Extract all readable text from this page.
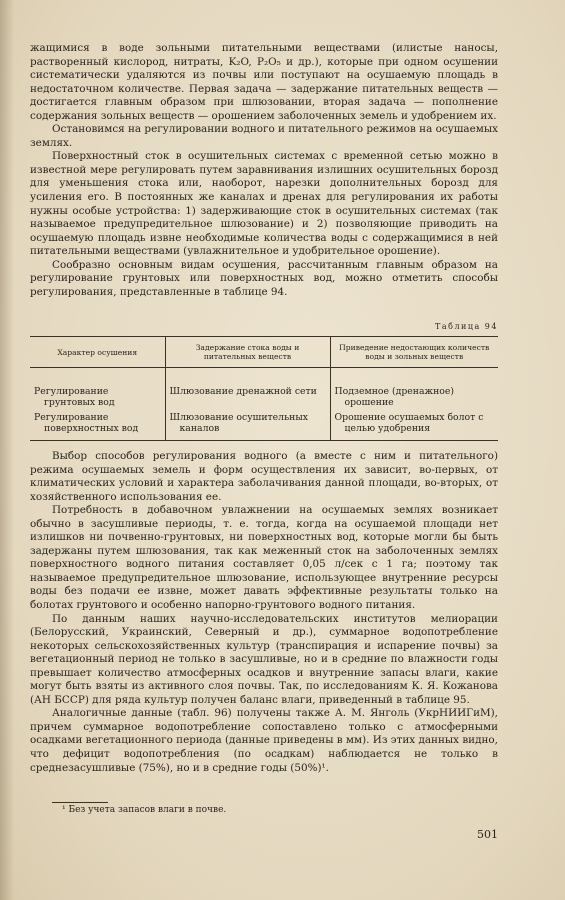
жащимися в воде зольными питательными веществами (илистые наносы, растворенный кислород, нитраты, K₂O, P₂O₅ и др.), которые при одном осушении систематически удаляются из почвы или поступают на осушаемую площадь в недостаточном количестве. Первая задача — задержание питательных веществ — достигается главным образом при шлюзовании, вторая задача — пополнение содержания зольных веществ — орошением заболоченных земель и удобрением их.

Остановимся на регулировании водного и питательного режимов на осушаемых землях.

Поверхностный сток в осушительных системах с временной сетью можно в известной мере регулировать путем заравнивания излишних осушительных борозд для уменьшения стока или, наоборот, нарезки дополнительных борозд для усиления его. В постоянных же каналах и дренах для регулирования их работы нужны особые устройства: 1) задерживающие сток в осушительных системах (так называемое предупредительное шлюзование) и 2) позволяющие приводить на осушаемую площадь извне необходимые количества воды с содержащимися в ней питательными веществами (увлажнительное и удобрительное орошение).

Сообразно основным видам осушения, рассчитанным главным образом на регулирование грунтовых или поверхностных вод, можно отметить способы регулирования, представленные в таблице 94.

Таблица 94
Характер осушения	Задержание стока воды и питательных веществ	Приведение недостающих количеств воды и зольных веществ

Регулирование грунтовых вод	Шлюзование дренажной сети	Подземное (дренажное) орошение

Регулирование поверхностных вод	Шлюзование осушительных каналов	Орошение осушаемых болот с целью удобрения

Выбор способов регулирования водного (а вместе с ним и питательного) режима осушаемых земель и форм осуществления их зависит, во-первых, от климатических условий и характера заболачивания данной площади, во-вторых, от хозяйственного использования ее.

Потребность в добавочном увлажнении на осушаемых землях возникает обычно в засушливые периоды, т. е. тогда, когда на осушаемой площади нет излишков ни почвенно-грунтовых, ни поверхностных вод, которые могли бы быть задержаны путем шлюзования, так как меженный сток на заболоченных землях поверхностного водного питания составляет 0,05 л/сек с 1 га; поэтому так называемое предупредительное шлюзование, использующее внутренние ресурсы воды без подачи ее извне, может давать эффективные результаты только на болотах грунтового и особенно напорно-грунтового водного питания.

По данным наших научно-исследовательских институтов мелиорации (Белорусский, Украинский, Северный и др.), суммарное водопотребление некоторых сельскохозяйственных культур (транспирация и испарение почвы) за вегетационный период не только в засушливые, но и в средние по влажности годы превышает количество атмосферных осадков и внутренние запасы влаги, какие могут быть взяты из активного слоя почвы. Так, по исследованиям К. Я. Кожанова (АН БССР) для ряда культур получен баланс влаги, приведенный в таблице 95.

Аналогичные данные (табл. 96) получены также А. М. Янголь (УкрНИИГиМ), причем суммарное водопотребление сопоставлено только с атмосферными осадками вегетационного периода (данные приведены в мм). Из этих данных видно, что дефицит водопотребления (по осадкам) наблюдается не только в среднезасушливые (75%), но и в средние годы (50%)¹.

¹ Без учета запасов влаги в почве.
501
